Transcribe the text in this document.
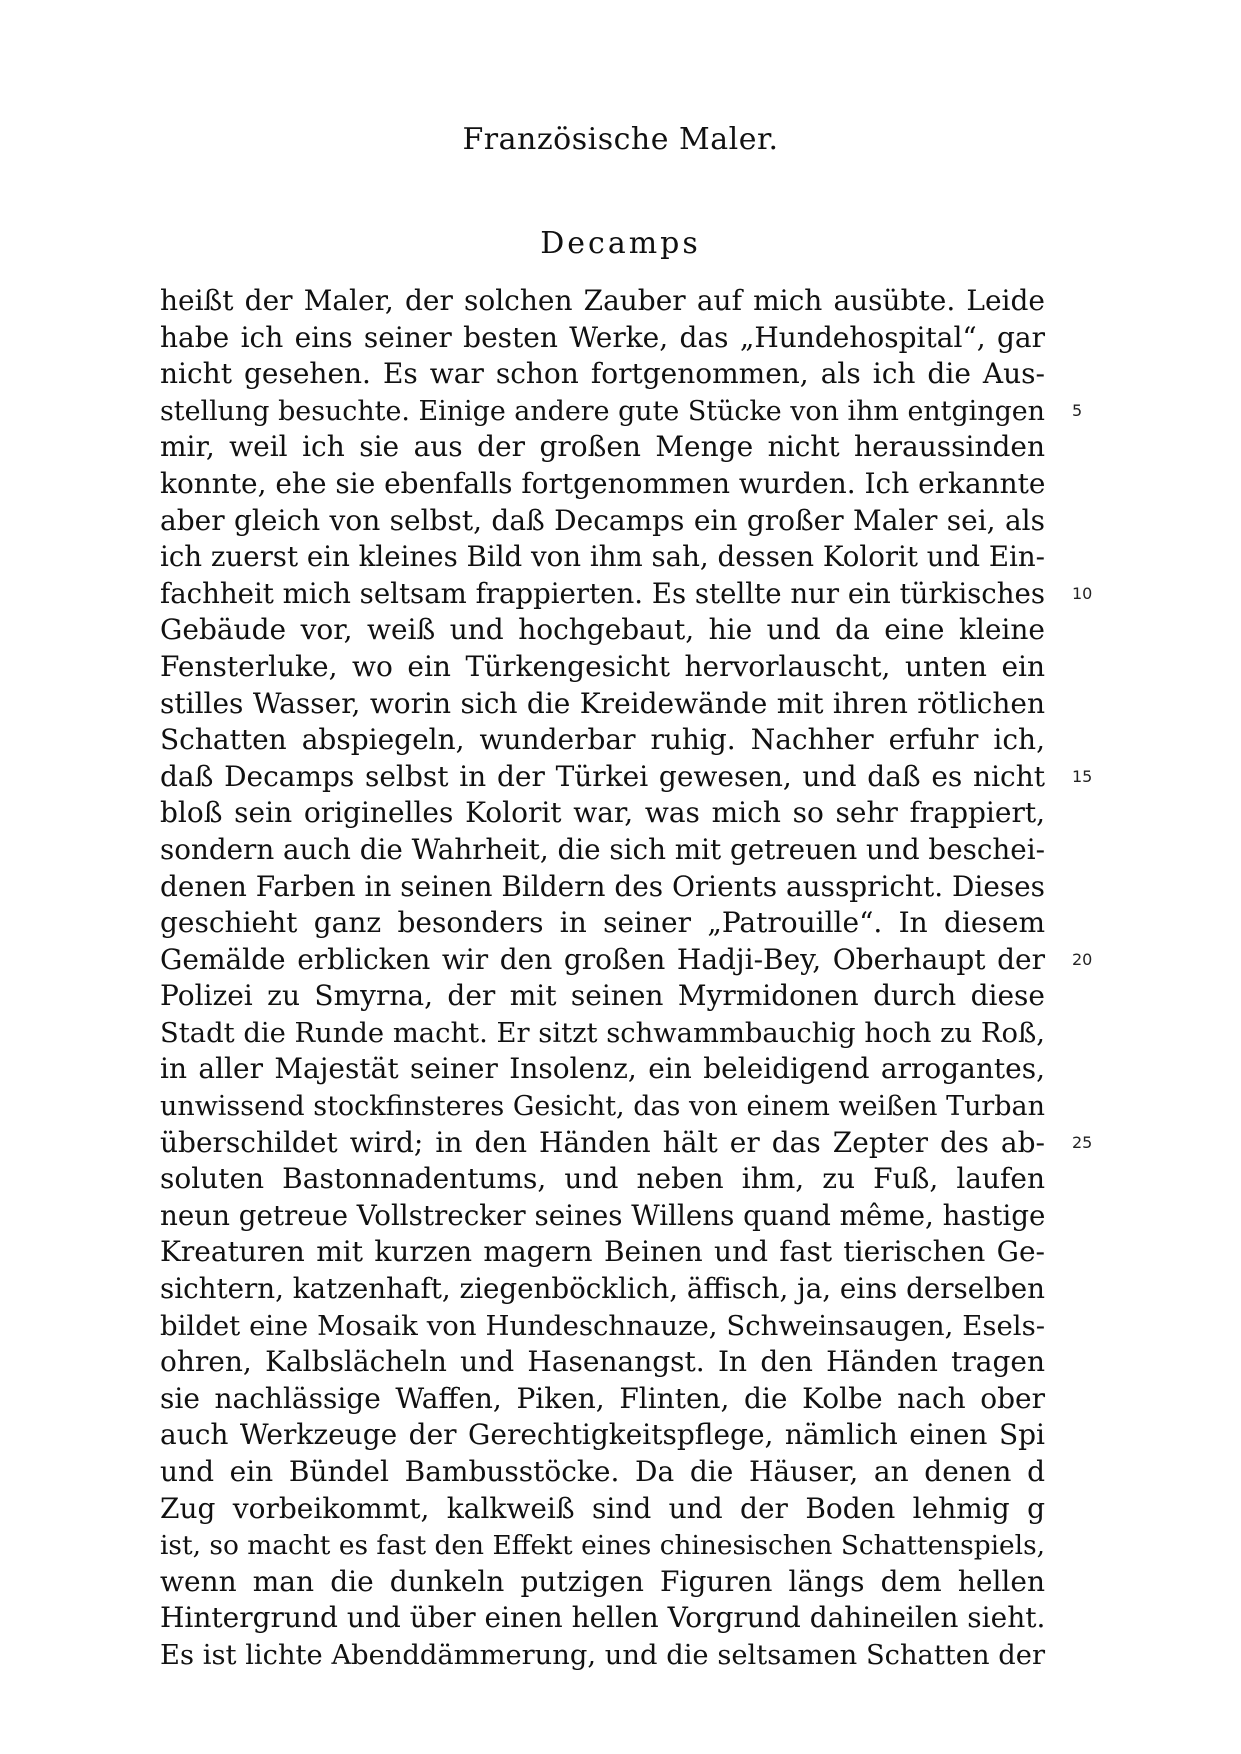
Französische Maler.
Decamps
heißt der Maler, der solchen Zauber auf mich ausübte. Leide
habe ich eins seiner besten Werke, das „Hundehospital“, gar
nicht gesehen. Es war schon fortgenommen, als ich die Aus-
stellung besuchte. Einige andere gute Stücke von ihm entgingen 5
mir, weil ich sie aus der großen Menge nicht heraussinden
konnte, ehe sie ebenfalls fortgenommen wurden. Ich erkannte
aber gleich von selbst, daß Decamps ein großer Maler sei, als
ich zuerst ein kleines Bild von ihm sah, dessen Kolorit und Ein-
fachheit mich seltsam frappierten. Es stellte nur ein türkisches 10
Gebäude vor, weiß und hochgebaut, hie und da eine kleine
Fensterluke, wo ein Türkengesicht hervorlauscht, unten ein
stilles Wasser, worin sich die Kreidewände mit ihren rötlichen
Schatten abspiegeln, wunderbar ruhig. Nachher erfuhr ich,
daß Decamps selbst in der Türkei gewesen, und daß es nicht 15
bloß sein originelles Kolorit war, was mich so sehr frappiert,
sondern auch die Wahrheit, die sich mit getreuen und beschei-
denen Farben in seinen Bildern des Orients ausspricht. Dieses
geschieht ganz besonders in seiner „Patrouille“. In diesem
Gemälde erblicken wir den großen Hadji-Bey, Oberhaupt der 20
Polizei zu Smyrna, der mit seinen Myrmidonen durch diese
Stadt die Runde macht. Er sitzt schwammbauchig hoch zu Roß,
in aller Majestät seiner Insolenz, ein beleidigend arrogantes,
unwissend stockfinsteres Gesicht, das von einem weißen Turban
überschildet wird; in den Händen hält er das Zepter des ab- 25
soluten Bastonnadentums, und neben ihm, zu Fuß, laufen
neun getreue Vollstrecker seines Willens quand même, hastige
Kreaturen mit kurzen magern Beinen und fast tierischen Ge-
sichtern, katzenhaft, ziegenböcklich, äffisch, ja, eins derselben
bildet eine Mosaik von Hundeschnauze, Schweinsaugen, Esels-
ohren, Kalbslächeln und Hasenangst. In den Händen tragen
sie nachlässige Waffen, Piken, Flinten, die Kolbe nach ober
auch Werkzeuge der Gerechtigkeitspflege, nämlich einen Spi
und ein Bündel Bambusstöcke. Da die Häuser, an denen d
Zug vorbeikommt, kalkweiß sind und der Boden lehmig g
ist, so macht es fast den Effekt eines chinesischen Schattenspiels,
wenn man die dunkeln putzigen Figuren längs dem hellen
Hintergrund und über einen hellen Vorgrund dahineilen sieht.
Es ist lichte Abenddämmerung, und die seltsamen Schatten der
